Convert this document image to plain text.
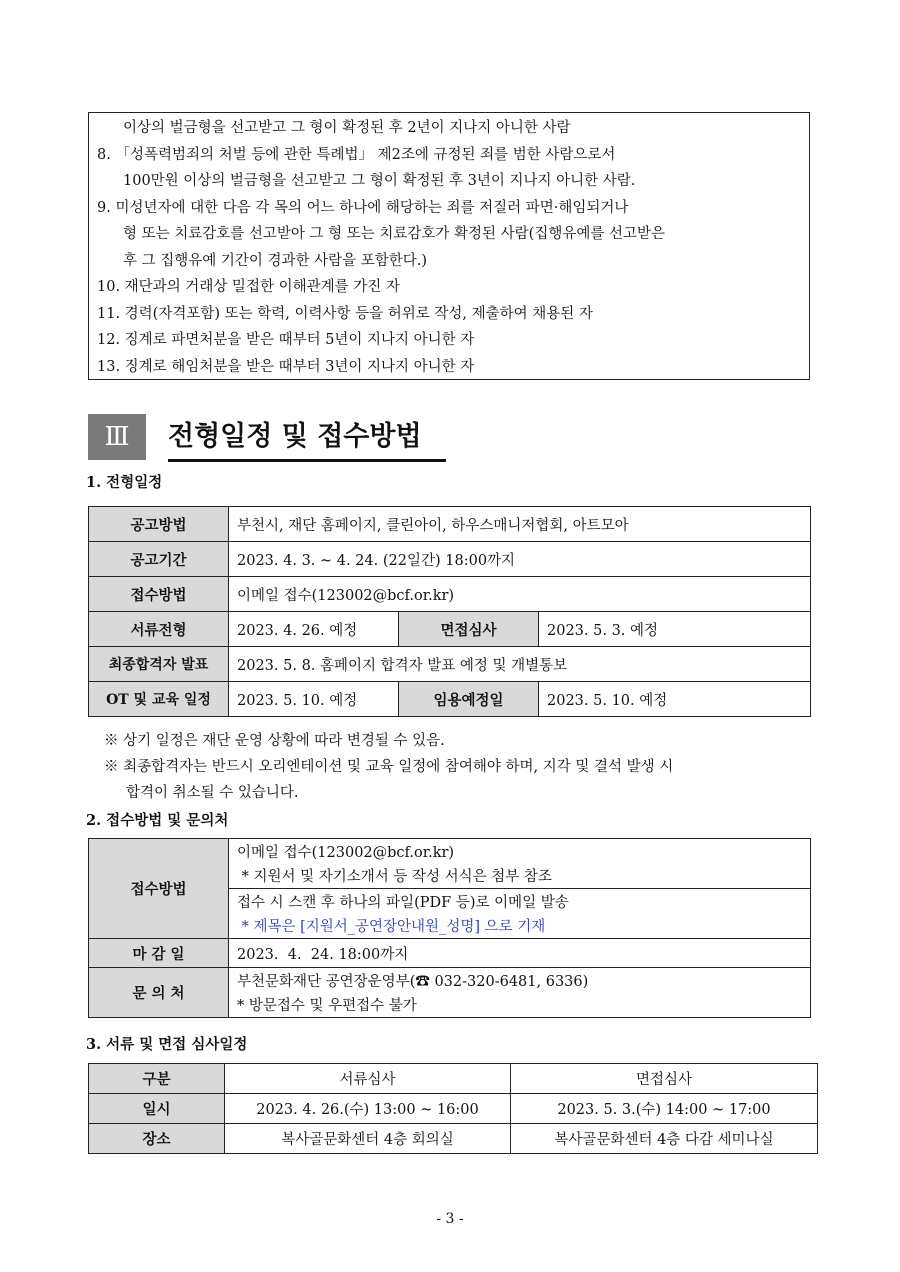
이상의 벌금형을 선고받고 그 형이 확정된 후 2년이 지나지 아니한 사람
8. 「성폭력범죄의 처벌 등에 관한 특례법」 제2조에 규정된 죄를 범한 사람으로서
100만원 이상의 벌금형을 선고받고 그 형이 확정된 후 3년이 지나지 아니한 사람.
9. 미성년자에 대한 다음 각 목의 어느 하나에 해당하는 죄를 저질러 파면·해임되거나
형 또는 치료감호를 선고받아 그 형 또는 치료감호가 확정된 사람(집행유예를 선고받은
후 그 집행유예 기간이 경과한 사람을 포함한다.)
10. 재단과의 거래상 밀접한 이해관계를 가진 자
11. 경력(자격포함) 또는 학력, 이력사항 등을 허위로 작성, 제출하여 채용된 자
12. 징계로 파면처분을 받은 때부터 5년이 지나지 아니한 자
13. 징계로 해임처분을 받은 때부터 3년이 지나지 아니한 자
Ⅲ	전형일정 및 접수방법
1. 전형일정
공고방법	부천시, 재단 홈페이지, 클린아이, 하우스매니저협회, 아트모아		
공고기간	2023. 4. 3. ~ 4. 24. (22일간) 18:00까지		
접수방법	이메일 접수(123002@bcf.or.kr)		
서류전형	2023. 4. 26. 예정	면접심사	2023. 5. 3. 예정
최종합격자 발표	2023. 5. 8. 홈페이지 합격자 발표 예정 및 개별통보		
OT 및 교육 일정	2023. 5. 10. 예정	임용예정일	2023. 5. 10. 예정
※ 상기 일정은 재단 운영 상황에 따라 변경될 수 있음.
※ 최종합격자는 반드시 오리엔테이션 및 교육 일정에 참여해야 하며, 지각 및 결석 발생 시
합격이 취소될 수 있습니다.
2. 접수방법 및 문의처
접수방법	이메일 접수(123002@bcf.or.kr)
	* 지원서 및 자기소개서 등 작성 서식은 첨부 참조
	접수 시 스캔 후 하나의 파일(PDF 등)로 이메일 발송
	* 제목은 [지원서_공연장안내원_성명] 으로 기재
마 감 일	2023.  4.  24. 18:00까지
문 의 처	부천문화재단 공연장운영부(☎ 032-320-6481, 6336)
	* 방문접수 및 우편접수 불가
3. 서류 및 면접 심사일정
구분	서류심사	면접심사
일시	2023. 4. 26.(수) 13:00 ~ 16:00	2023. 5. 3.(수) 14:00 ~ 17:00
장소	복사골문화센터 4층 회의실	복사골문화센터 4층 다감 세미나실
- 3 -
